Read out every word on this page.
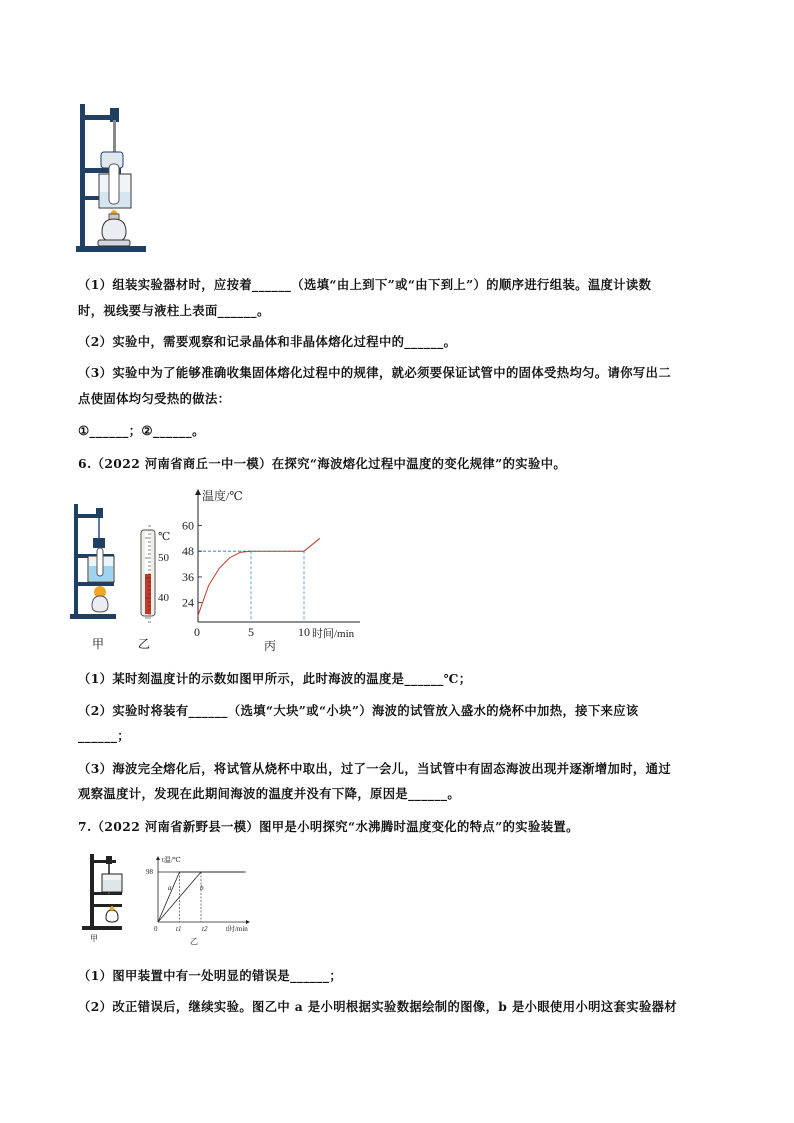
（1）组装实验器材时，应按着______（选填“由上到下”或“由下到上”）的顺序进行组装。温度计读数
时，视线要与液柱上表面______。
（2）实验中，需要观察和记录晶体和非晶体熔化过程中的______。
（3）实验中为了能够准确收集固体熔化过程中的规律，就必须要保证试管中的固体受热均匀。请你写出二
点使固体均匀受热的做法：
①______；②______。
6.（2022 河南省商丘一中一模）在探究“海波熔化过程中温度的变化规律”的实验中。
甲
℃
50
40
乙
温度/℃
0	时间/min
丙
24
36
48
60
5	10
（1）某时刻温度计的示数如图甲所示，此时海波的温度是______℃；
（2）实验时将装有______（选填“大块”或“小块”）海波的试管放入盛水的烧杯中加热，接下来应该
______；
（3）海波完全熔化后，将试管从烧杯中取出，过了一会儿，当试管中有固态海波出现并逐渐增加时，通过
观察温度计，发现在此期间海波的温度并没有下降，原因是______。
7.（2022 河南省新野县一模）图甲是小明探究“水沸腾时温度变化的特点”的实验装置。
甲
t温/℃
98
0	t1	t2	t时/min
乙
a	b
（1）图甲装置中有一处明显的错误是______；
（2）改正错误后，继续实验。图乙中 a 是小明根据实验数据绘制的图像，b 是小眼使用小明这套实验器材
